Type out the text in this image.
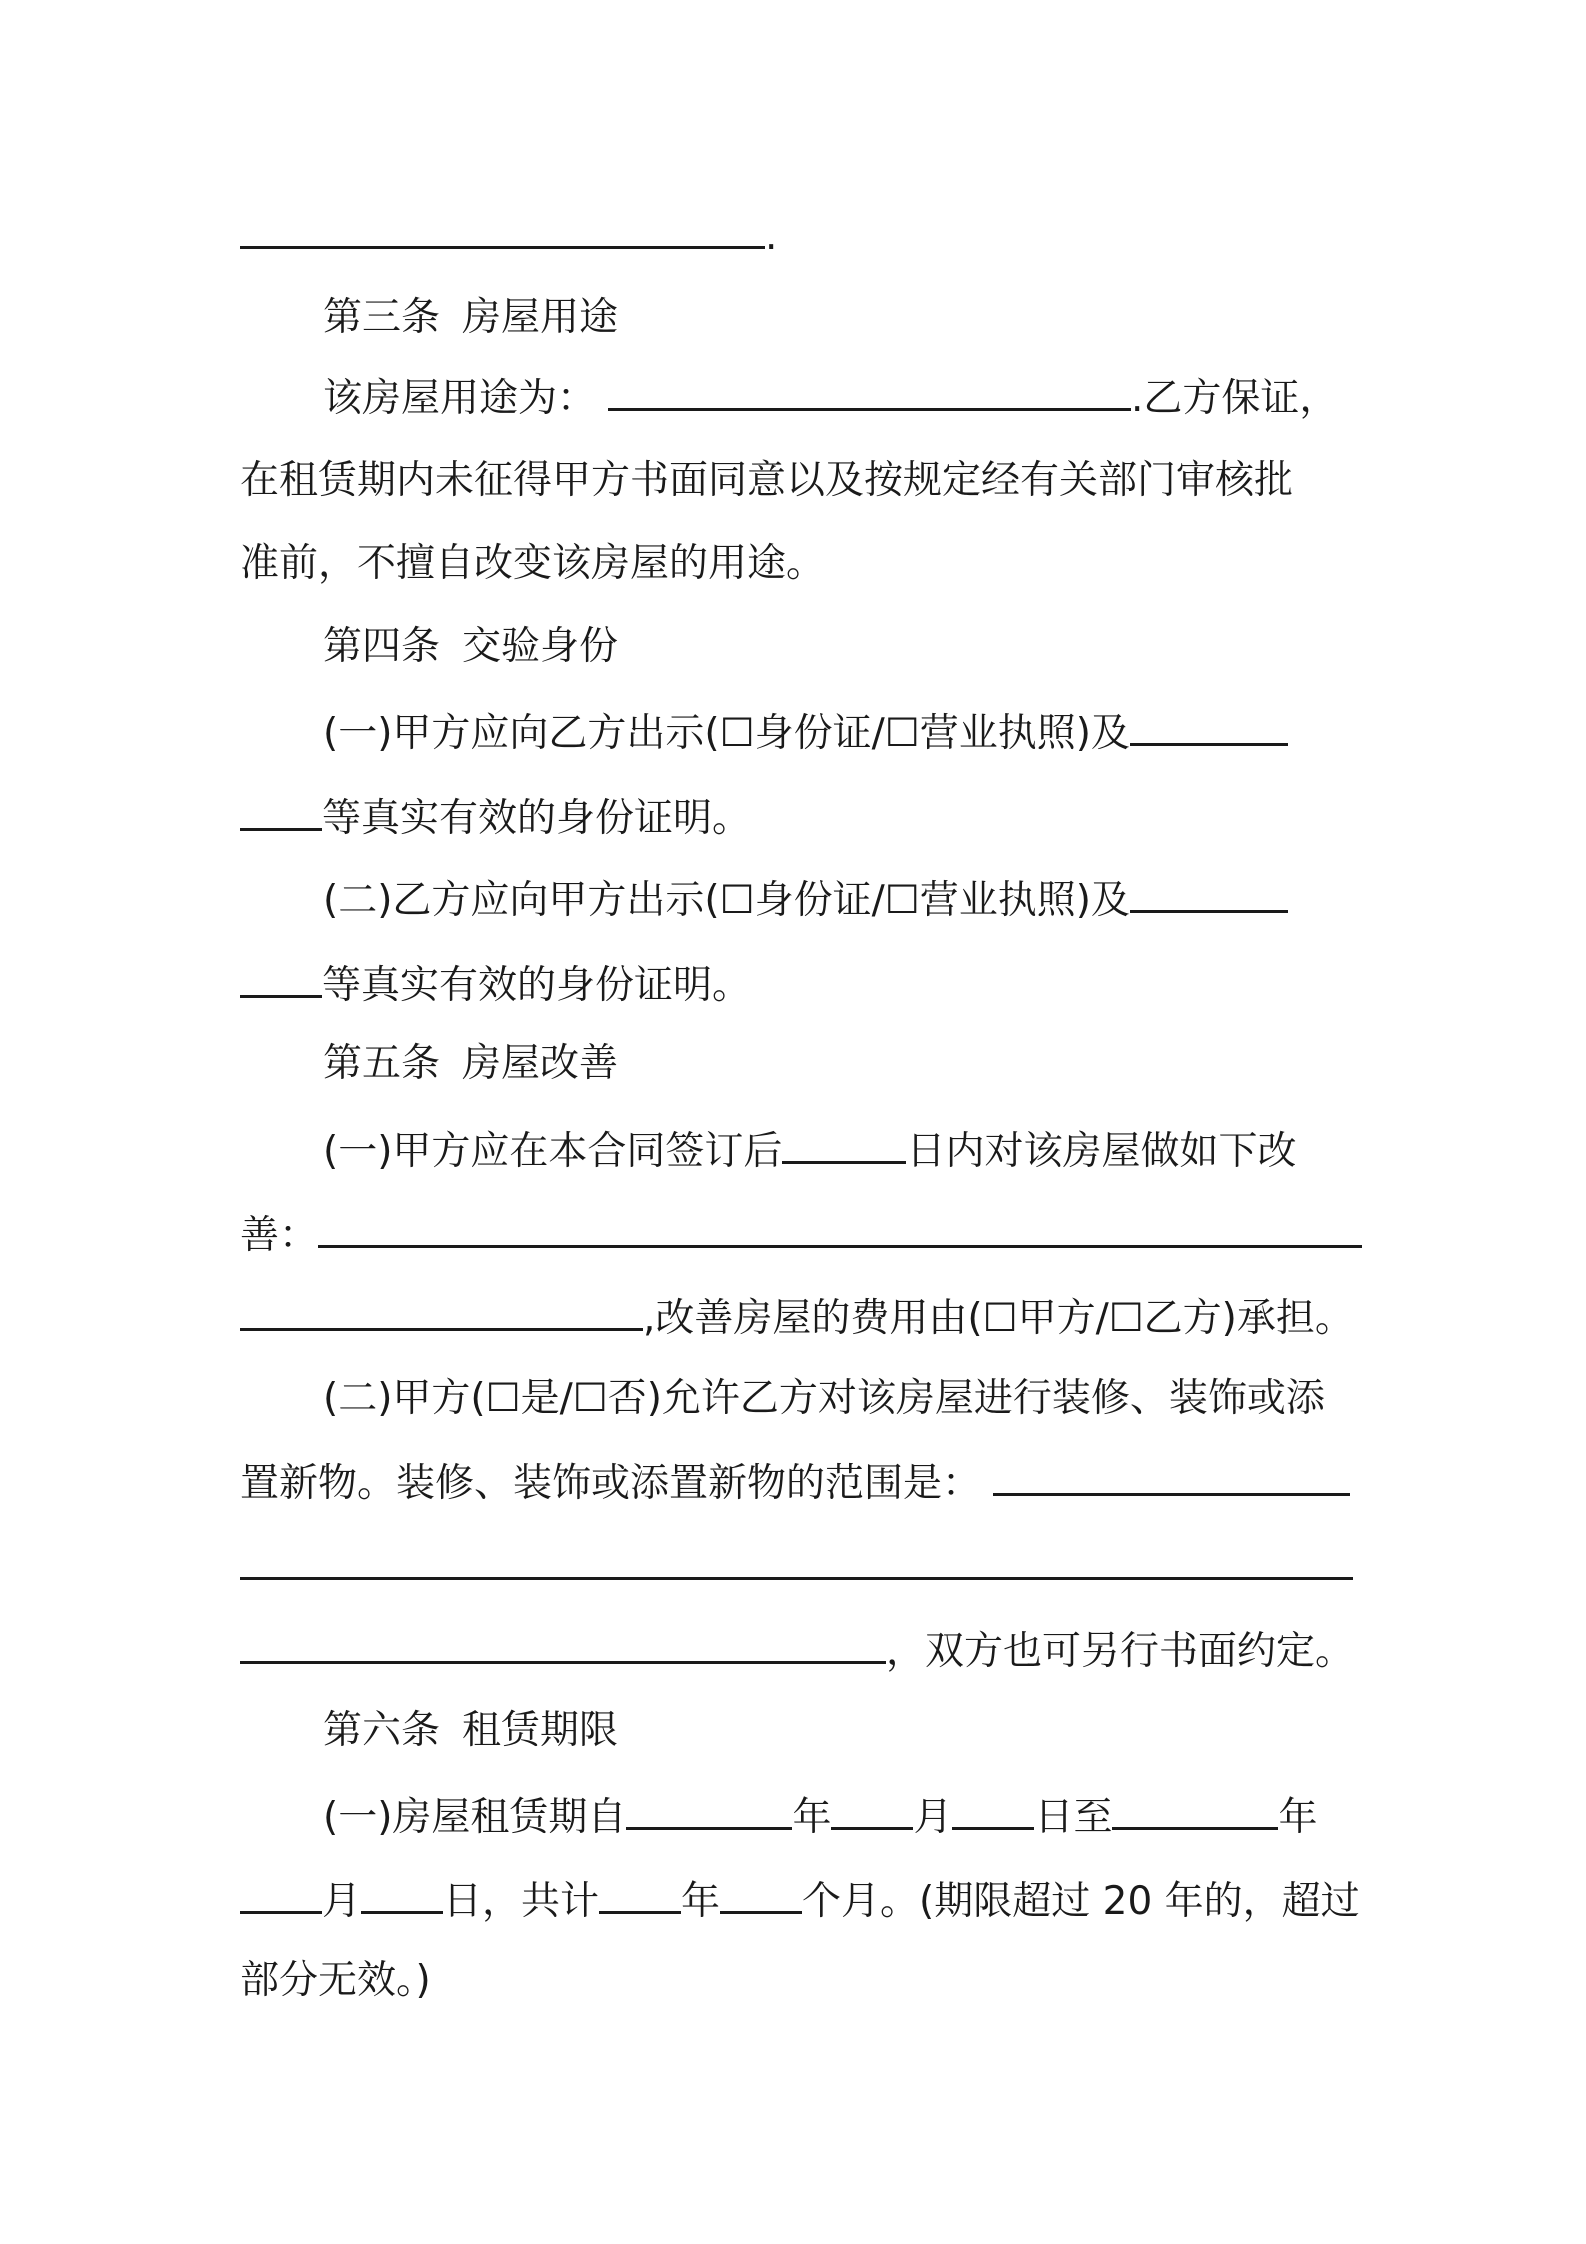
.
第三条 房屋用途
该房屋用途为：	.乙方保证，
在租赁期内未征得甲方书面同意以及按规定经有关部门审核批
准前，不擅自改变该房屋的用途。
第四条 交验身份
(一)甲方应向乙方出示(☐身份证/☐营业执照)及
等真实有效的身份证明。
(二)乙方应向甲方出示(☐身份证/☐营业执照)及
等真实有效的身份证明。
第五条 房屋改善
(一)甲方应在本合同签订后	日内对该房屋做如下改
善：
,改善房屋的费用由(☐甲方/☐乙方)承担。
(二)甲方(☐是/☐否)允许乙方对该房屋进行装修、装饰或添
置新物。装修、装饰或添置新物的范围是：
，双方也可另行书面约定。
第六条 租赁期限
(一)房屋租赁期自	年 月 日至	年
月 日，共计 年 个月。(期限超过 20 年的，超过
部分无效。)
